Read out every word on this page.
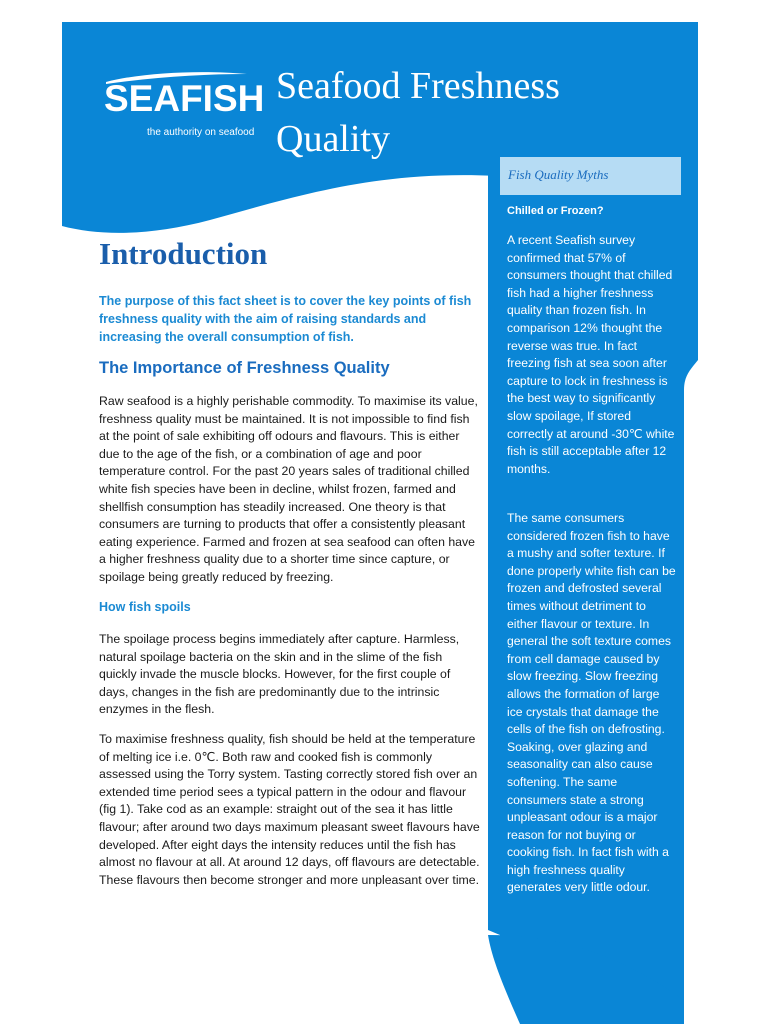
SEAFISH
the authority on seafood
Seafood Freshness Quality
Introduction
The purpose of this fact sheet is to cover the key points of fish freshness quality with the aim of raising standards and increasing the overall consumption of fish.
The Importance of Freshness Quality
Raw seafood is a highly perishable commodity. To maximise its value, freshness quality must be maintained. It is not impossible to find fish at the point of sale exhibiting off odours and flavours. This is either due to the age of the fish, or a combination of age and poor temperature control. For the past 20 years sales of traditional chilled white fish species have been in decline, whilst frozen, farmed and shellfish consumption has steadily increased. One theory is that consumers are turning to products that offer a consistently pleasant eating experience. Farmed and frozen at sea seafood can often have a higher freshness quality due to a shorter time since capture, or spoilage being greatly reduced by freezing.
How fish spoils
The spoilage process begins immediately after capture. Harmless, natural spoilage bacteria on the skin and in the slime of the fish quickly invade the muscle blocks. However, for the first couple of days, changes in the fish are predominantly due to the intrinsic enzymes in the flesh.
To maximise freshness quality, fish should be held at the temperature of melting ice i.e. 0℃. Both raw and cooked fish is commonly assessed using the Torry system. Tasting correctly stored fish over an extended time period sees a typical pattern in the odour and flavour (fig 1). Take cod as an example: straight out of the sea it has little flavour; after around two days maximum pleasant sweet flavours have developed. After eight days the intensity reduces until the fish has almost no flavour at all. At around 12 days, off flavours are detectable. These flavours then become stronger and more unpleasant over time.
Fish Quality Myths
Chilled or Frozen?
A recent Seafish survey confirmed that 57% of consumers thought that chilled fish had a higher freshness quality than frozen fish. In comparison 12% thought the reverse was true. In fact freezing fish at sea soon after capture to lock in freshness is the best way to significantly slow spoilage, If stored correctly at around -30℃ white fish is still acceptable after 12 months.
The same consumers considered frozen fish to have a mushy and softer texture. If done properly white fish can be frozen and defrosted several times without detriment to either flavour or texture. In general the soft texture comes from cell damage caused by slow freezing. Slow freezing allows the formation of large ice crystals that damage the cells of the fish on defrosting. Soaking, over glazing and seasonality can also cause softening. The same consumers state a strong unpleasant odour is a major reason for not buying or cooking fish. In fact fish with a high freshness quality generates very little odour.
